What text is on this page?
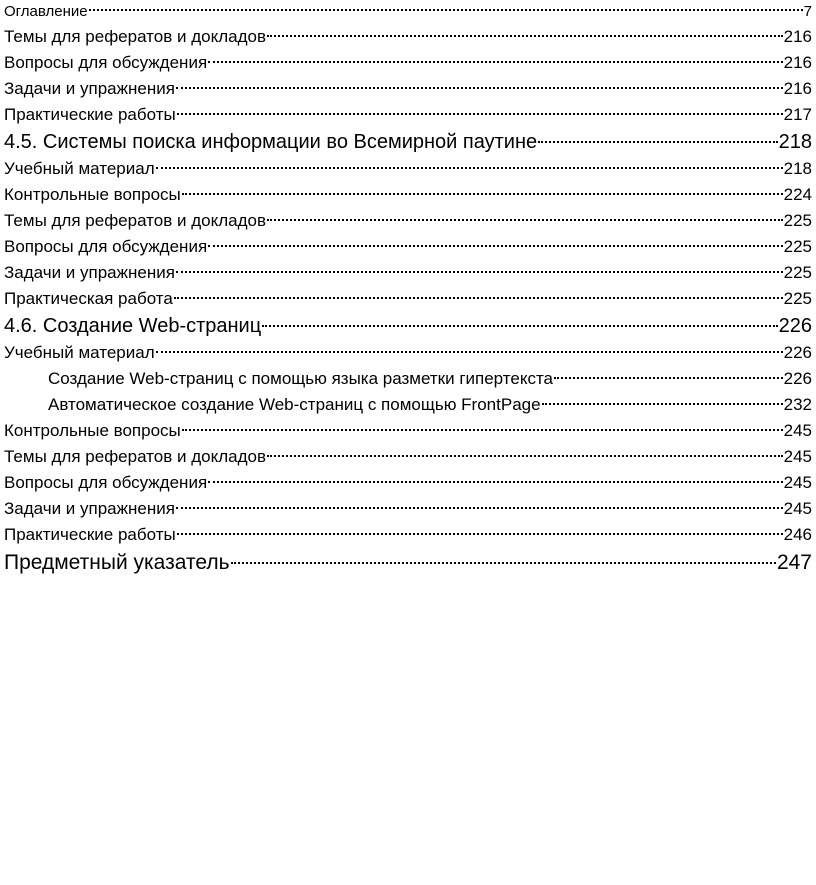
Оглавление	7
Темы для рефератов и докладов	216
Вопросы для обсуждения	216
Задачи и упражнения	216
Практические работы	217
4.5. Системы поиска информации во Всемирной паутине	218
Учебный материал	218
Контрольные вопросы	224
Темы для рефератов и докладов	225
Вопросы для обсуждения	225
Задачи и упражнения	225
Практическая работа	225
4.6. Создание Web-страниц	226
Учебный материал	226
Создание Web-страниц с помощью языка разметки гипертекста	226
Автоматическое создание Web-страниц с помощью FrontPage	232
Контрольные вопросы	245
Темы для рефератов и докладов	245
Вопросы для обсуждения	245
Задачи и упражнения	245
Практические работы	246
Предметный указатель	247
